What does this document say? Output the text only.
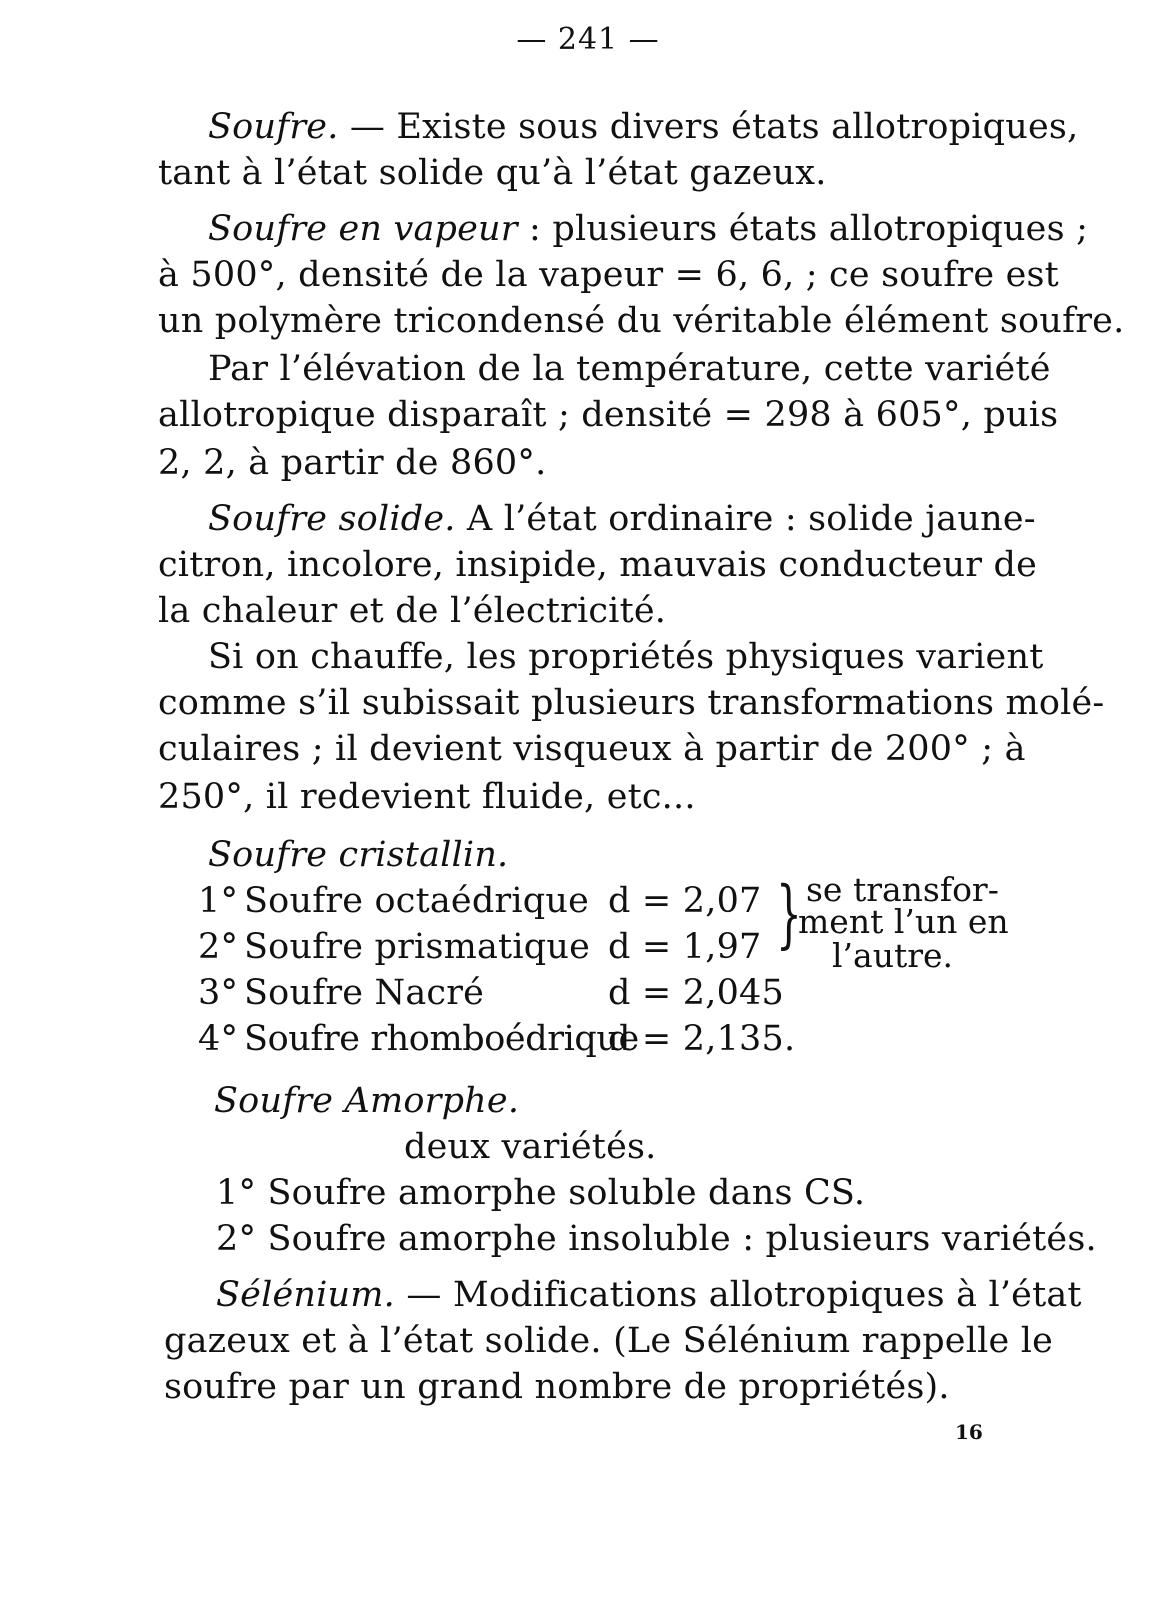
— 241 —
Soufre. — Existe sous divers états allotropiques,
tant à l’état solide qu’à l’état gazeux.
Soufre en vapeur : plusieurs états allotropiques ;
à 500°, densité de la vapeur = 6, 6, ; ce soufre est
un polymère tricondensé du véritable élément soufre.
Par l’élévation de la température, cette variété
allotropique disparaît ; densité = 298 à 605°, puis
2, 2, à partir de 860°.
Soufre solide. A l’état ordinaire : solide jaune-
citron, incolore, insipide, mauvais conducteur de
la chaleur et de l’électricité.
Si on chauffe, les propriétés physiques varient
comme s’il subissait plusieurs transformations molé-
culaires ; il devient visqueux à partir de 200° ; à
250°, il redevient fluide, etc...
Soufre cristallin.
1° Soufre octaédrique d = 2,07
2° Soufre prismatique d = 1,97
3° Soufre Nacré	d = 2,045
4° Soufre rhomboédrique
d = 2,135.
} se transfor-
ment l’un en
l’autre.
Soufre Amorphe.
deux variétés.
1° Soufre amorphe soluble dans CS.
2° Soufre amorphe insoluble : plusieurs variétés.
Sélénium. — Modifications allotropiques à l’état
gazeux et à l’état solide. (Le Sélénium rappelle le
soufre par un grand nombre de propriétés).
16
